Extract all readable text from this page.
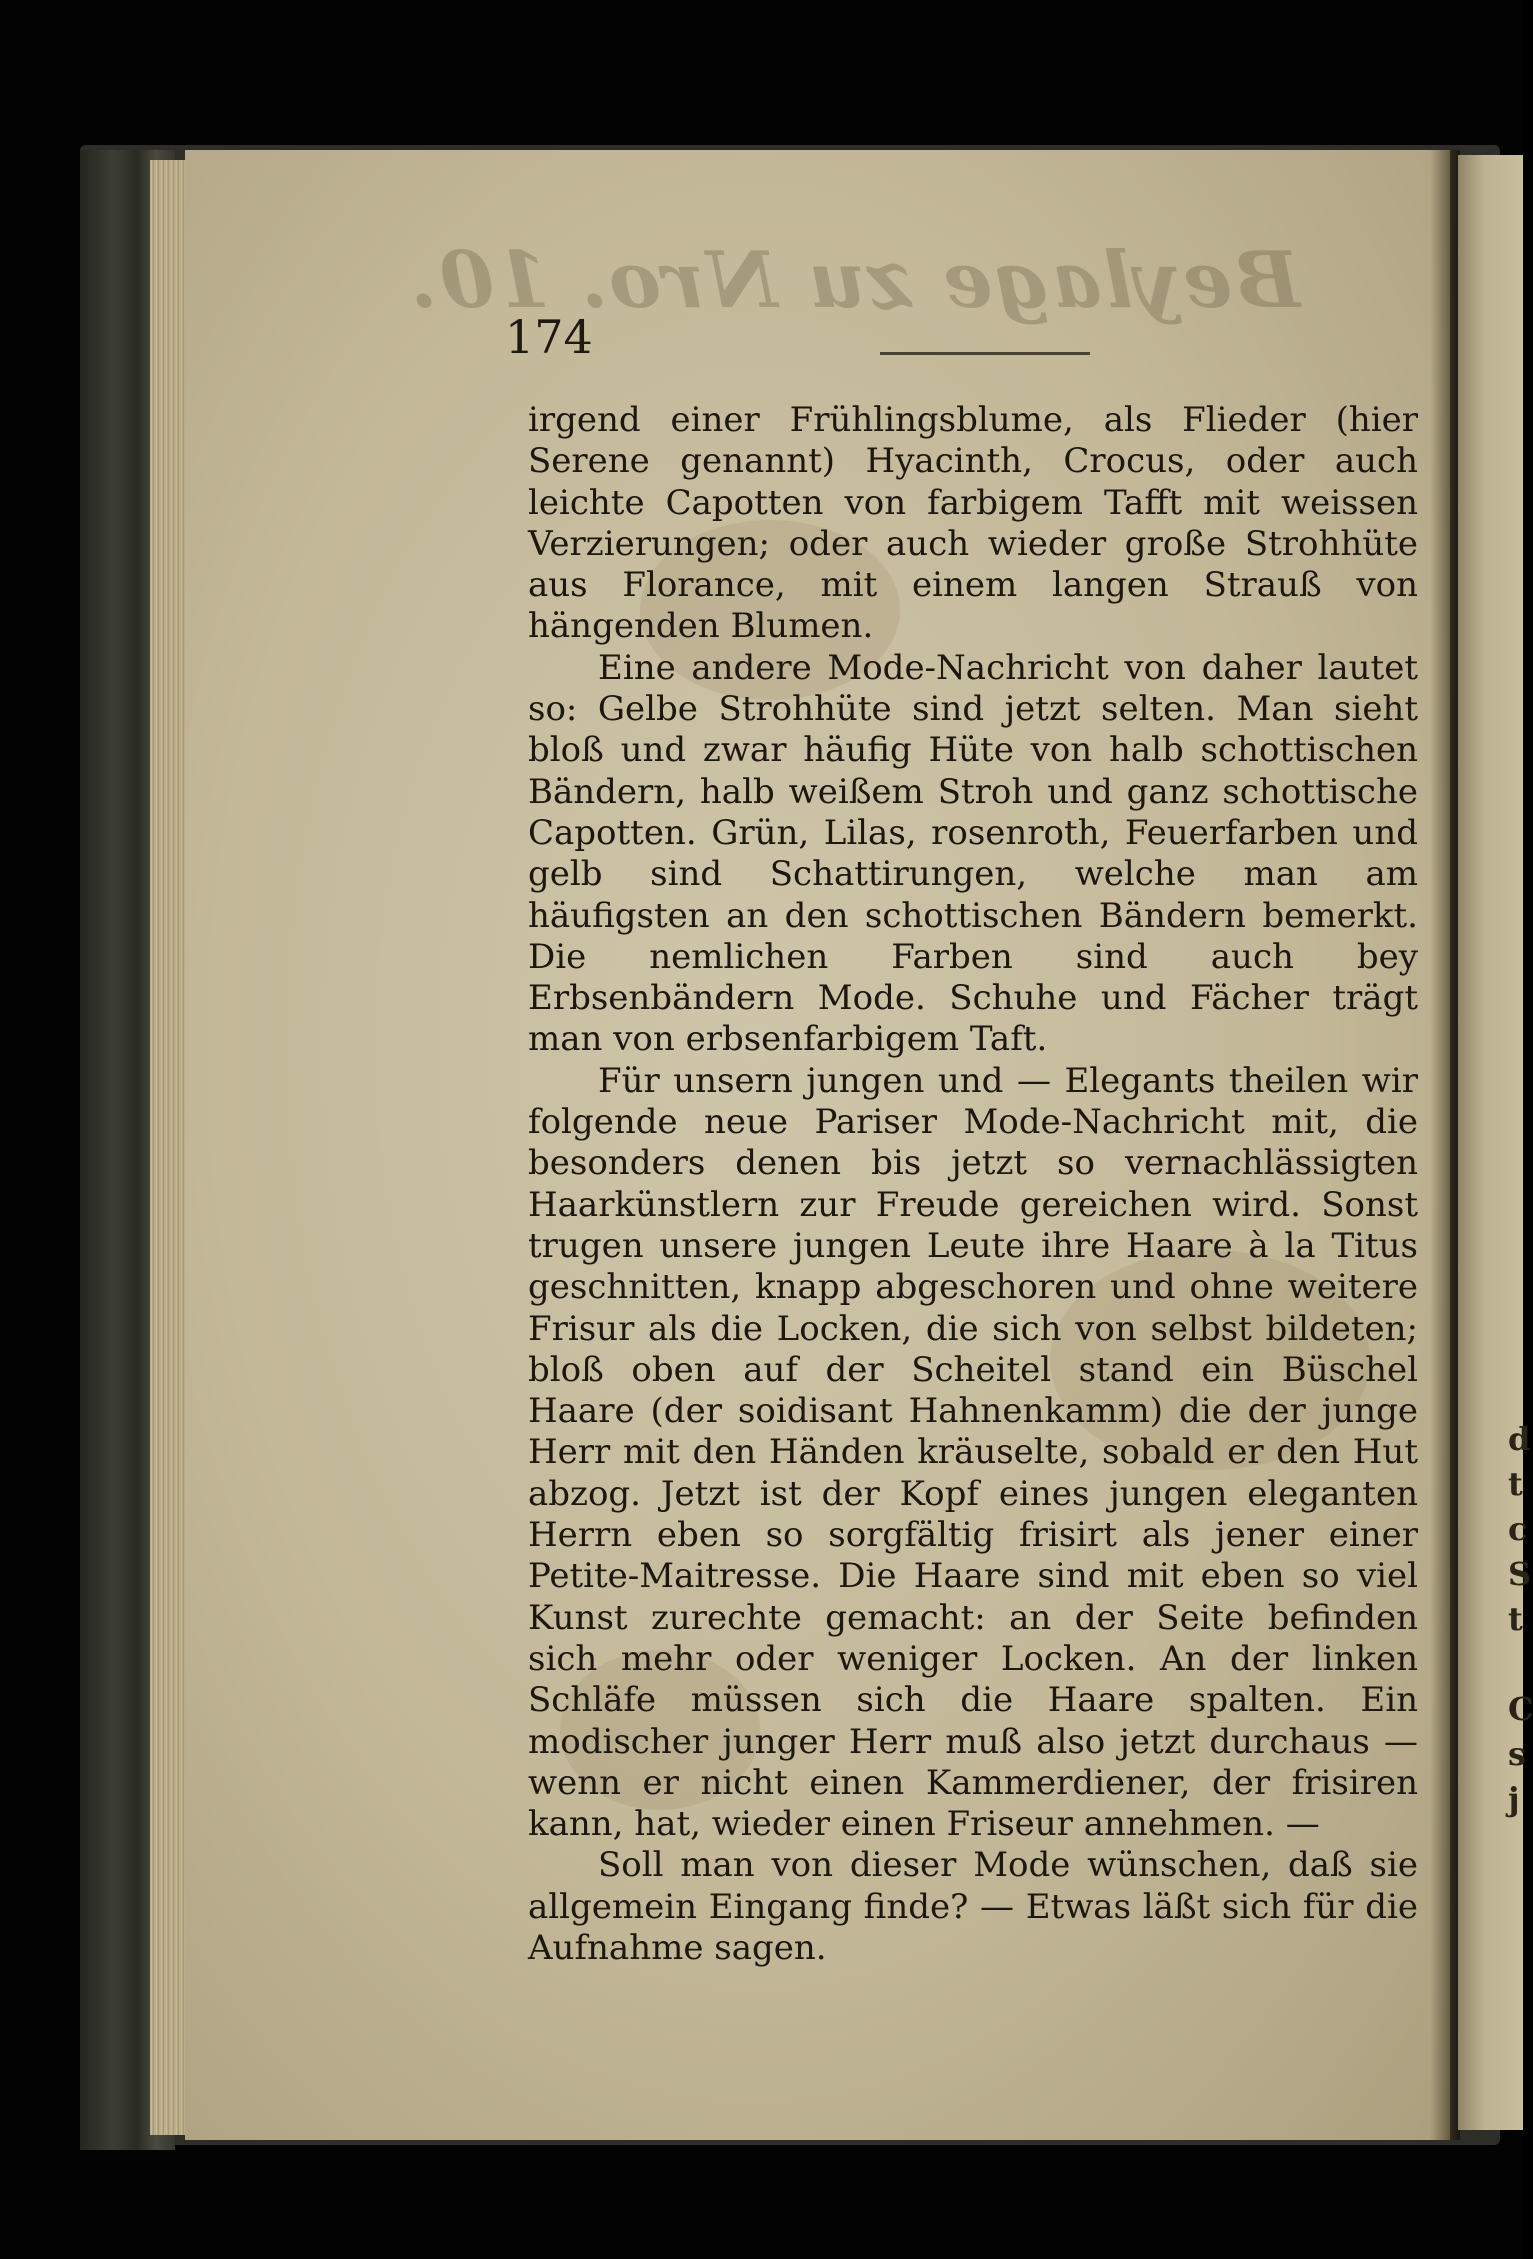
Beylage zu Nro. 10.
174

irgend einer Frühlingsblume, als Flieder (hier Serene genannt) Hyacinth, Crocus, oder auch leichte Capotten von farbigem Tafft mit weissen Verzierungen; oder auch wieder große Strohhüte aus Florance, mit einem langen Strauß von hängenden Blumen.

Eine andere Mode-Nachricht von daher lautet so: Gelbe Strohhüte sind jetzt selten. Man sieht bloß und zwar häufig Hüte von halb schottischen Bändern, halb weißem Stroh und ganz schottische Capotten. Grün, Lilas, rosenroth, Feuerfarben und gelb sind Schattirungen, welche man am häufigsten an den schottischen Bändern bemerkt. Die nemlichen Farben sind auch bey Erbsenbändern Mode. Schuhe und Fächer trägt man von erbsenfarbigem Taft.

Für unsern jungen und — Elegants theilen wir folgende neue Pariser Mode-Nachricht mit, die besonders denen bis jetzt so vernachlässigten Haarkünstlern zur Freude gereichen wird. Sonst trugen unsere jungen Leute ihre Haare à la Titus geschnitten, knapp abgeschoren und ohne weitere Frisur als die Locken, die sich von selbst bildeten; bloß oben auf der Scheitel stand ein Büschel Haare (der soidisant Hahnenkamm) die der junge Herr mit den Händen kräuselte, sobald er den Hut abzog. Jetzt ist der Kopf eines jungen eleganten Herrn eben so sorgfältig frisirt als jener einer Petite-Maitresse. Die Haare sind mit eben so viel Kunst zurechte gemacht: an der Seite befinden sich mehr oder weniger Locken. An der linken Schläfe müssen sich die Haare spalten. Ein modischer junger Herr muß also jetzt durchaus — wenn er nicht einen Kammerdiener, der frisiren kann, hat, wieder einen Friseur annehmen. —

Soll man von dieser Mode wünschen, daß sie allgemein Eingang finde? — Etwas läßt sich für die Aufnahme sagen.

d
t
c
S
t
C
s
j
